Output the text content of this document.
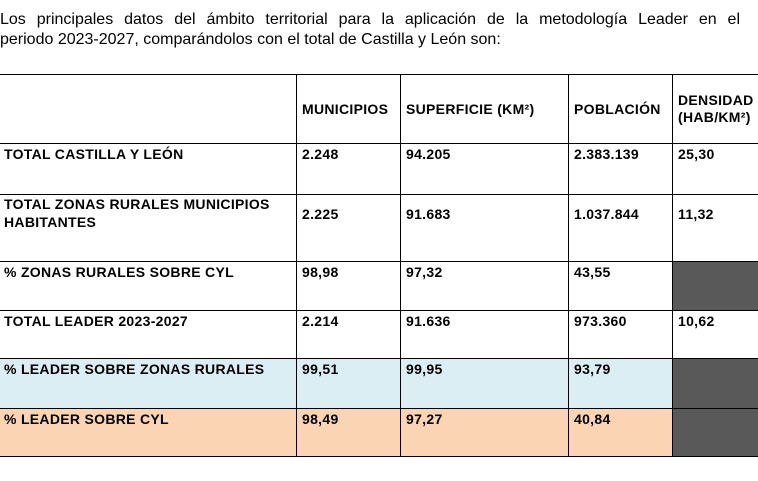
Los principales datos del ámbito territorial para la aplicación de la metodología Leader en el
periodo 2023-2027, comparándolos con el total de Castilla y León son:

	MUNICIPIOS	SUPERFICIE (KM²)	POBLACIÓN	DENSIDAD (HAB/KM²)
TOTAL CASTILLA Y LEÓN	2.248	94.205	2.383.139	25,30
TOTAL ZONAS RURALES MUNICIPIOS HABITANTES	2.225	91.683	1.037.844	11,32
% ZONAS RURALES SOBRE CYL	98,98	97,32	43,55	
TOTAL LEADER 2023-2027	2.214	91.636	973.360	10,62
% LEADER SOBRE ZONAS RURALES	99,51	99,95	93,79	
% LEADER SOBRE CYL	98,49	97,27	40,84	
